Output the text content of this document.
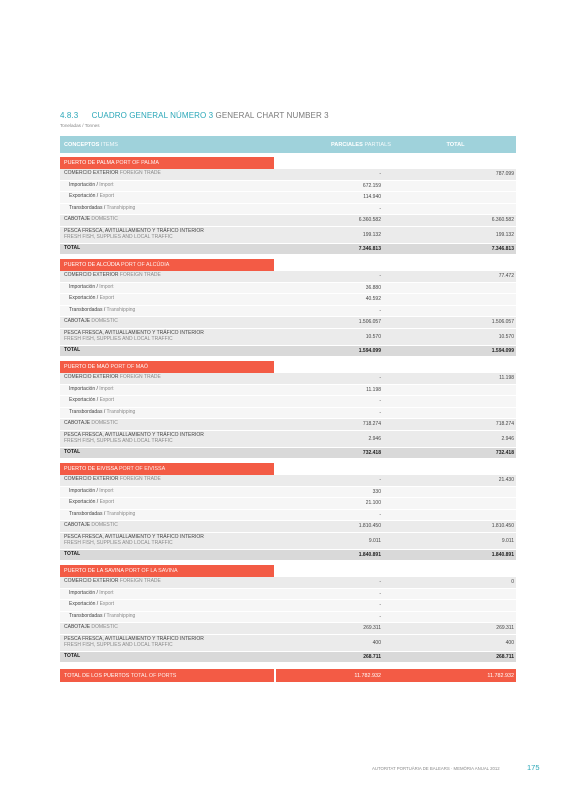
4.8.3 CUADRO GENERAL NÚMERO 3 GENERAL CHART NUMBER 3
Toneladas / Tonnes
CONCEPTOS ITEMS	PARCIALES PARTIALS	TOTAL
PUERTO DE PALMA PORT OF PALMA
COMERCIO EXTERIOR FOREIGN TRADE	-	787.099
Importación / Import	672.159
Exportación / Export	114.940
Transbordadas / Transhipping	-
CABOTAJE DOMESTIC	6.360.582	6.360.582
PESCA FRESCA, AVITUALLAMIENTO Y TRÁFICO INTERIOR
FRESH FISH, SUPPLIES AND LOCAL TRAFFIC	199.132	199.132
TOTAL	7.346.813	7.346.813
PUERTO DE ALCÚDIA PORT OF ALCÚDIA
COMERCIO EXTERIOR FOREIGN TRADE	-	77.472
Importación / Import	36.880
Exportación / Export	40.592
Transbordadas / Transhipping	-
CABOTAJE DOMESTIC	1.506.057	1.506.057
PESCA FRESCA, AVITUALLAMIENTO Y TRÁFICO INTERIOR
FRESH FISH, SUPPLIES AND LOCAL TRAFFIC	10.570	10.570
TOTAL	1.594.099	1.594.099
PUERTO DE MAÓ PORT OF MAÓ
COMERCIO EXTERIOR FOREIGN TRADE	-	11.198
Importación / Import	11.198
Exportación / Export	-
Transbordadas / Transhipping	-
CABOTAJE DOMESTIC	718.274	718.274
PESCA FRESCA, AVITUALLAMIENTO Y TRÁFICO INTERIOR
FRESH FISH, SUPPLIES AND LOCAL TRAFFIC	2.946	2.946
TOTAL	732.418	732.418
PUERTO DE EIVISSA PORT OF EIVISSA
COMERCIO EXTERIOR FOREIGN TRADE	-	21.430
Importación / Import	330
Exportación / Export	21.100
Transbordadas / Transhipping	-
CABOTAJE DOMESTIC	1.810.450	1.810.450
PESCA FRESCA, AVITUALLAMIENTO Y TRÁFICO INTERIOR
FRESH FISH, SUPPLIES AND LOCAL TRAFFIC	9.011	9.011
TOTAL	1.840.891	1.840.891
PUERTO DE LA SAVINA PORT OF LA SAVINA
COMERCIO EXTERIOR FOREIGN TRADE	-	0
Importación / Import	-
Exportación / Export	-
Transbordadas / Transhipping	-
CABOTAJE DOMESTIC	269.311	269.311
PESCA FRESCA, AVITUALLAMIENTO Y TRÁFICO INTERIOR
FRESH FISH, SUPPLIES AND LOCAL TRAFFIC	400	400
TOTAL	268.711	268.711
TOTAL DE LOS PUERTOS TOTAL OF PORTS	11.782.932	11.782.932
AUTORITAT PORTUÀRIA DE BALEARS · MEMÒRIA ANUAL 2012	175
